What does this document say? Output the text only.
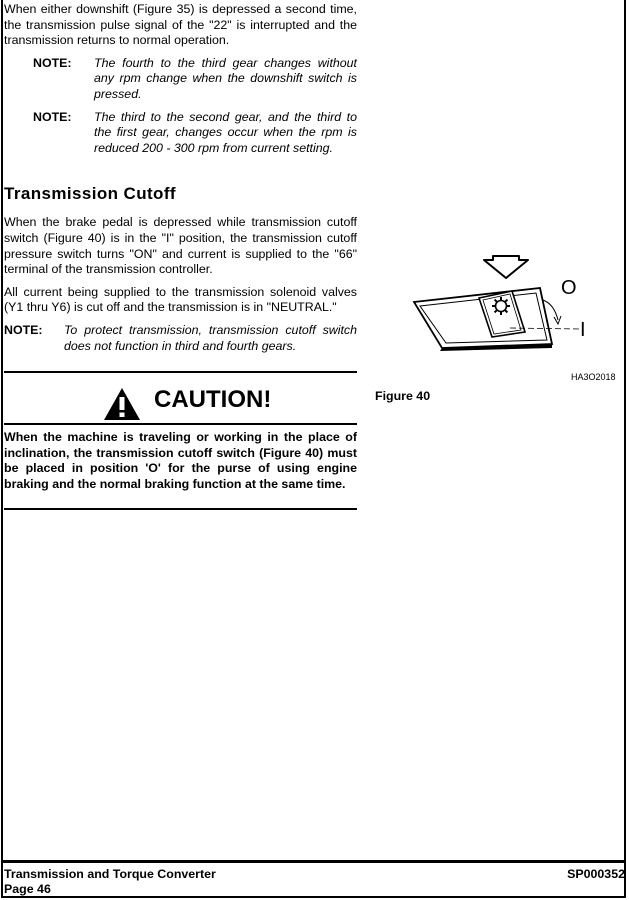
When either downshift (Figure 35) is depressed a second time, the transmission pulse signal of the "22" is interrupted and the transmission returns to normal operation.

NOTE:	The fourth to the third gear changes without any rpm change when the downshift switch is pressed.
NOTE:	The third to the second gear, and the third to the first gear, changes occur when the rpm is reduced 200 - 300 rpm from current setting.
Transmission Cutoff

When the brake pedal is depressed while transmission cutoff switch (Figure 40) is in the "I" position, the transmission cutoff pressure switch turns "ON" and current is supplied to the "66" terminal of the transmission controller.

All current being supplied to the transmission solenoid valves (Y1 thru Y6) is cut off and the transmission is in "NEUTRAL."

NOTE:	To protect transmission, transmission cutoff switch does not function in third and fourth gears.
CAUTION!

When the machine is traveling or working in the place of inclination, the transmission cutoff switch (Figure 40) must be placed in position 'O' for the purse of using engine braking and the normal braking function at the same time.

O
I
HA3O2018
Figure 40
Transmission and Torque Converter
Page 46
SP000352
